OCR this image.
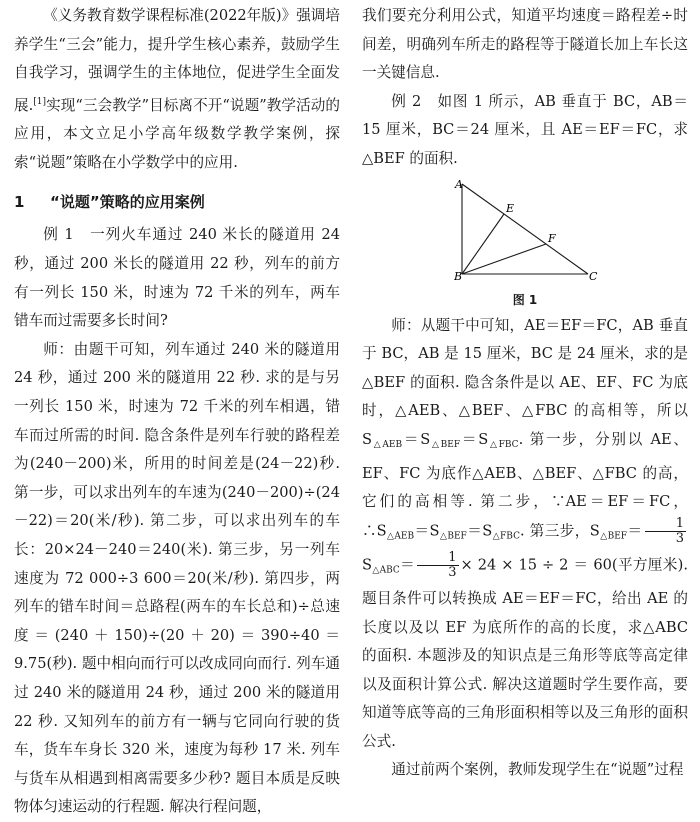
《义务教育数学课程标准(2022年版)》强调培养学生“三会”能力，提升学生核心素养，鼓励学生自我学习，强调学生的主体地位，促进学生全面发展.[1]实现“三会教学”目标离不开“说题”教学活动的应用，本文立足小学高年级数学教学案例，探索“说题”策略在小学数学中的应用.

1 “说题”策略的应用案例

例 1　一列火车通过 240 米长的隧道用 24 秒，通过 200 米长的隧道用 22 秒，列车的前方有一列长 150 米，时速为 72 千米的列车，两车错车而过需要多长时间?

师：由题干可知，列车通过 240 米的隧道用 24 秒，通过 200 米的隧道用 22 秒. 求的是与另一列长 150 米，时速为 72 千米的列车相遇，错车而过所需的时间. 隐含条件是列车行驶的路程差为(240－200)米，所用的时间差是(24－22)秒. 第一步，可以求出列车的车速为(240－200)÷(24－22)＝20(米/秒). 第二步，可以求出列车的车长：20×24－240＝240(米). 第三步，另一列车速度为 72 000÷3 600＝20(米/秒). 第四步，两列车的错车时间＝总路程(两车的车长总和)÷总速度＝(240＋150)÷(20＋20)＝390÷40＝9.75(秒). 题中相向而行可以改成同向而行. 列车通过 240 米的隧道用 24 秒，通过 200 米的隧道用 22 秒. 又知列车的前方有一辆与它同向行驶的货车，货车车身长 320 米，速度为每秒 17 米. 列车与货车从相遇到相离需要多少秒? 题目本质是反映物体匀速运动的行程题. 解决行程问题，

我们要充分利用公式，知道平均速度＝路程差÷时间差，明确列车所走的路程等于隧道长加上车长这一关键信息.

例 2　如图 1 所示，AB 垂直于 BC，AB＝15 厘米，BC＝24 厘米，且 AE＝EF＝FC，求△BEF 的面积.

A
E
F
B	C
图 1

师：从题干中可知，AE＝EF＝FC，AB 垂直于 BC，AB 是 15 厘米，BC 是 24 厘米，求的是△BEF 的面积. 隐含条件是以 AE、EF、FC 为底时，△AEB、△BEF、△FBC 的高相等，所以 $S_{\triangle AEB}=S_{\triangle BEF}=S_{\triangle FBC}$. 第一步，分别以 AE、EF、FC 为底作△AEB、△BEF、△FBC 的高，它们的高相等. 第二步，∵AE＝EF＝FC，$\therefore S_{\triangle AEB}=S_{\triangle BEF}=S_{\triangle FBC}$. 第三步，$S_{\triangle BEF}= \frac{1}{3}$
$S_{\triangle ABC}= \frac{1}{3} \times 24 \times 15 \div 2 = 60$(平方厘米). 题目条件可以转换成 AE＝EF＝FC，给出 AE 的长度以及以 EF 为底所作的高的长度，求△ABC 的面积. 本题涉及的知识点是三角形等底等高定律以及面积计算公式. 解决这道题时学生要作高，要知道等底等高的三角形面积相等以及三角形的面积公式.

通过前两个案例，教师发现学生在“说题”过程
